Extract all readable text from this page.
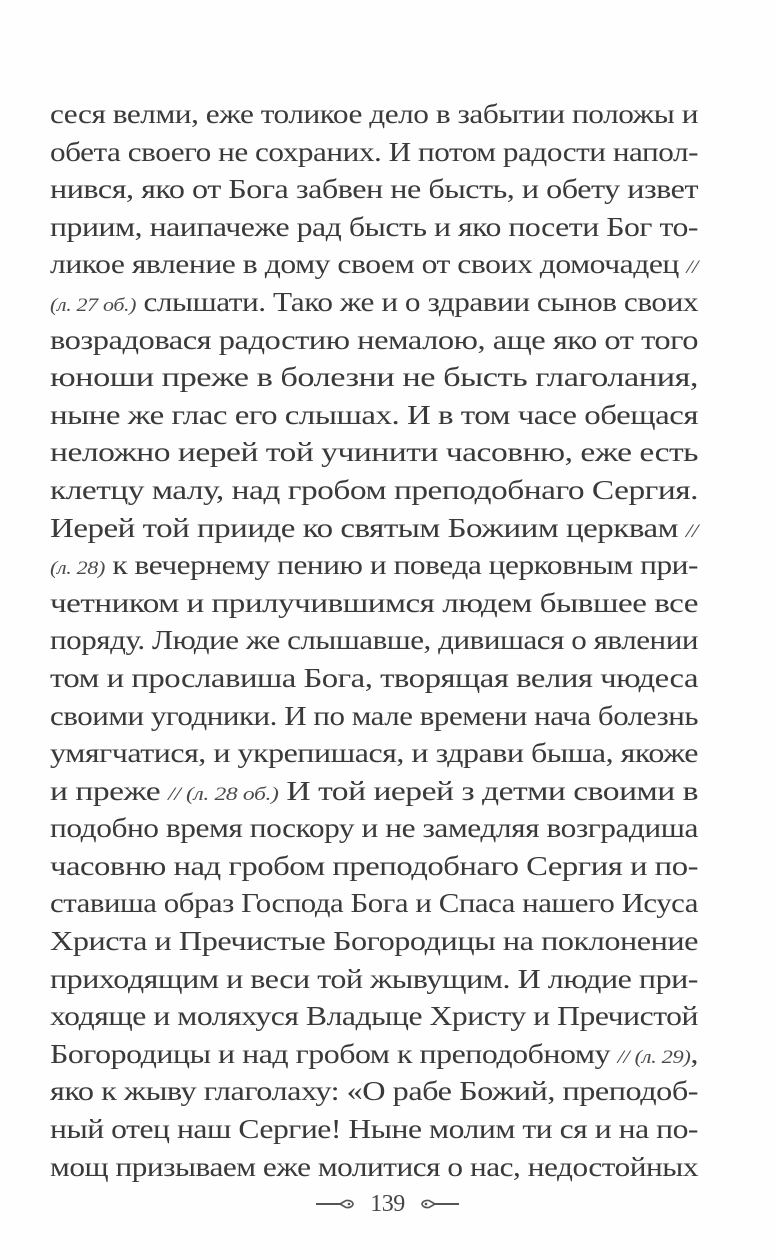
сеся велми, еже толикое дело в забытии положы и
обета своего не сохраних. И потом радости напол-
нився, яко от Бога забвен не бысть, и обету извет
приим, наипачеже рад бысть и яко посети Бог то-
ликое явление в дому своем от своих домочадец //
(л. 27 об.) слышати. Тако же и о здравии сынов своих
возрадовася радостию немалою, аще яко от того
юноши преже в болезни не бысть глаголания,
ныне же глас его слышах. И в том часе обещася
неложно иерей той учинити часовню, еже есть
клетцу малу, над гробом преподобнаго Сергия.
Иерей той прииде ко святым Божиим церквам //
(л. 28) к вечернему пению и поведа церковным при-
четником и прилучившимся людем бывшее все
поряду. Людие же слышавше, дивишася о явлении
том и прославиша Бога, творящая велия чюдеса
своими угодники. И по мале времени нача болезнь
умягчатися, и укрепишася, и здрави быша, якоже
и преже // (л. 28 об.) И той иерей з детми своими в
подобно время поскору и не замедляя возградиша
часовню над гробом преподобнаго Сергия и по-
ставиша образ Господа Бога и Спаса нашего Исуса
Христа и Пречистые Богородицы на поклонение
приходящим и веси той жывущим. И людие при-
ходяще и моляхуся Владыце Христу и Пречистой
Богородицы и над гробом к преподобному // (л. 29),
яко к жыву глаголаху: «О рабе Божий, преподоб-
ный отец наш Сергие! Ныне молим ти ся и на по-
мощ призываем еже молитися о нас, недостойных
139
